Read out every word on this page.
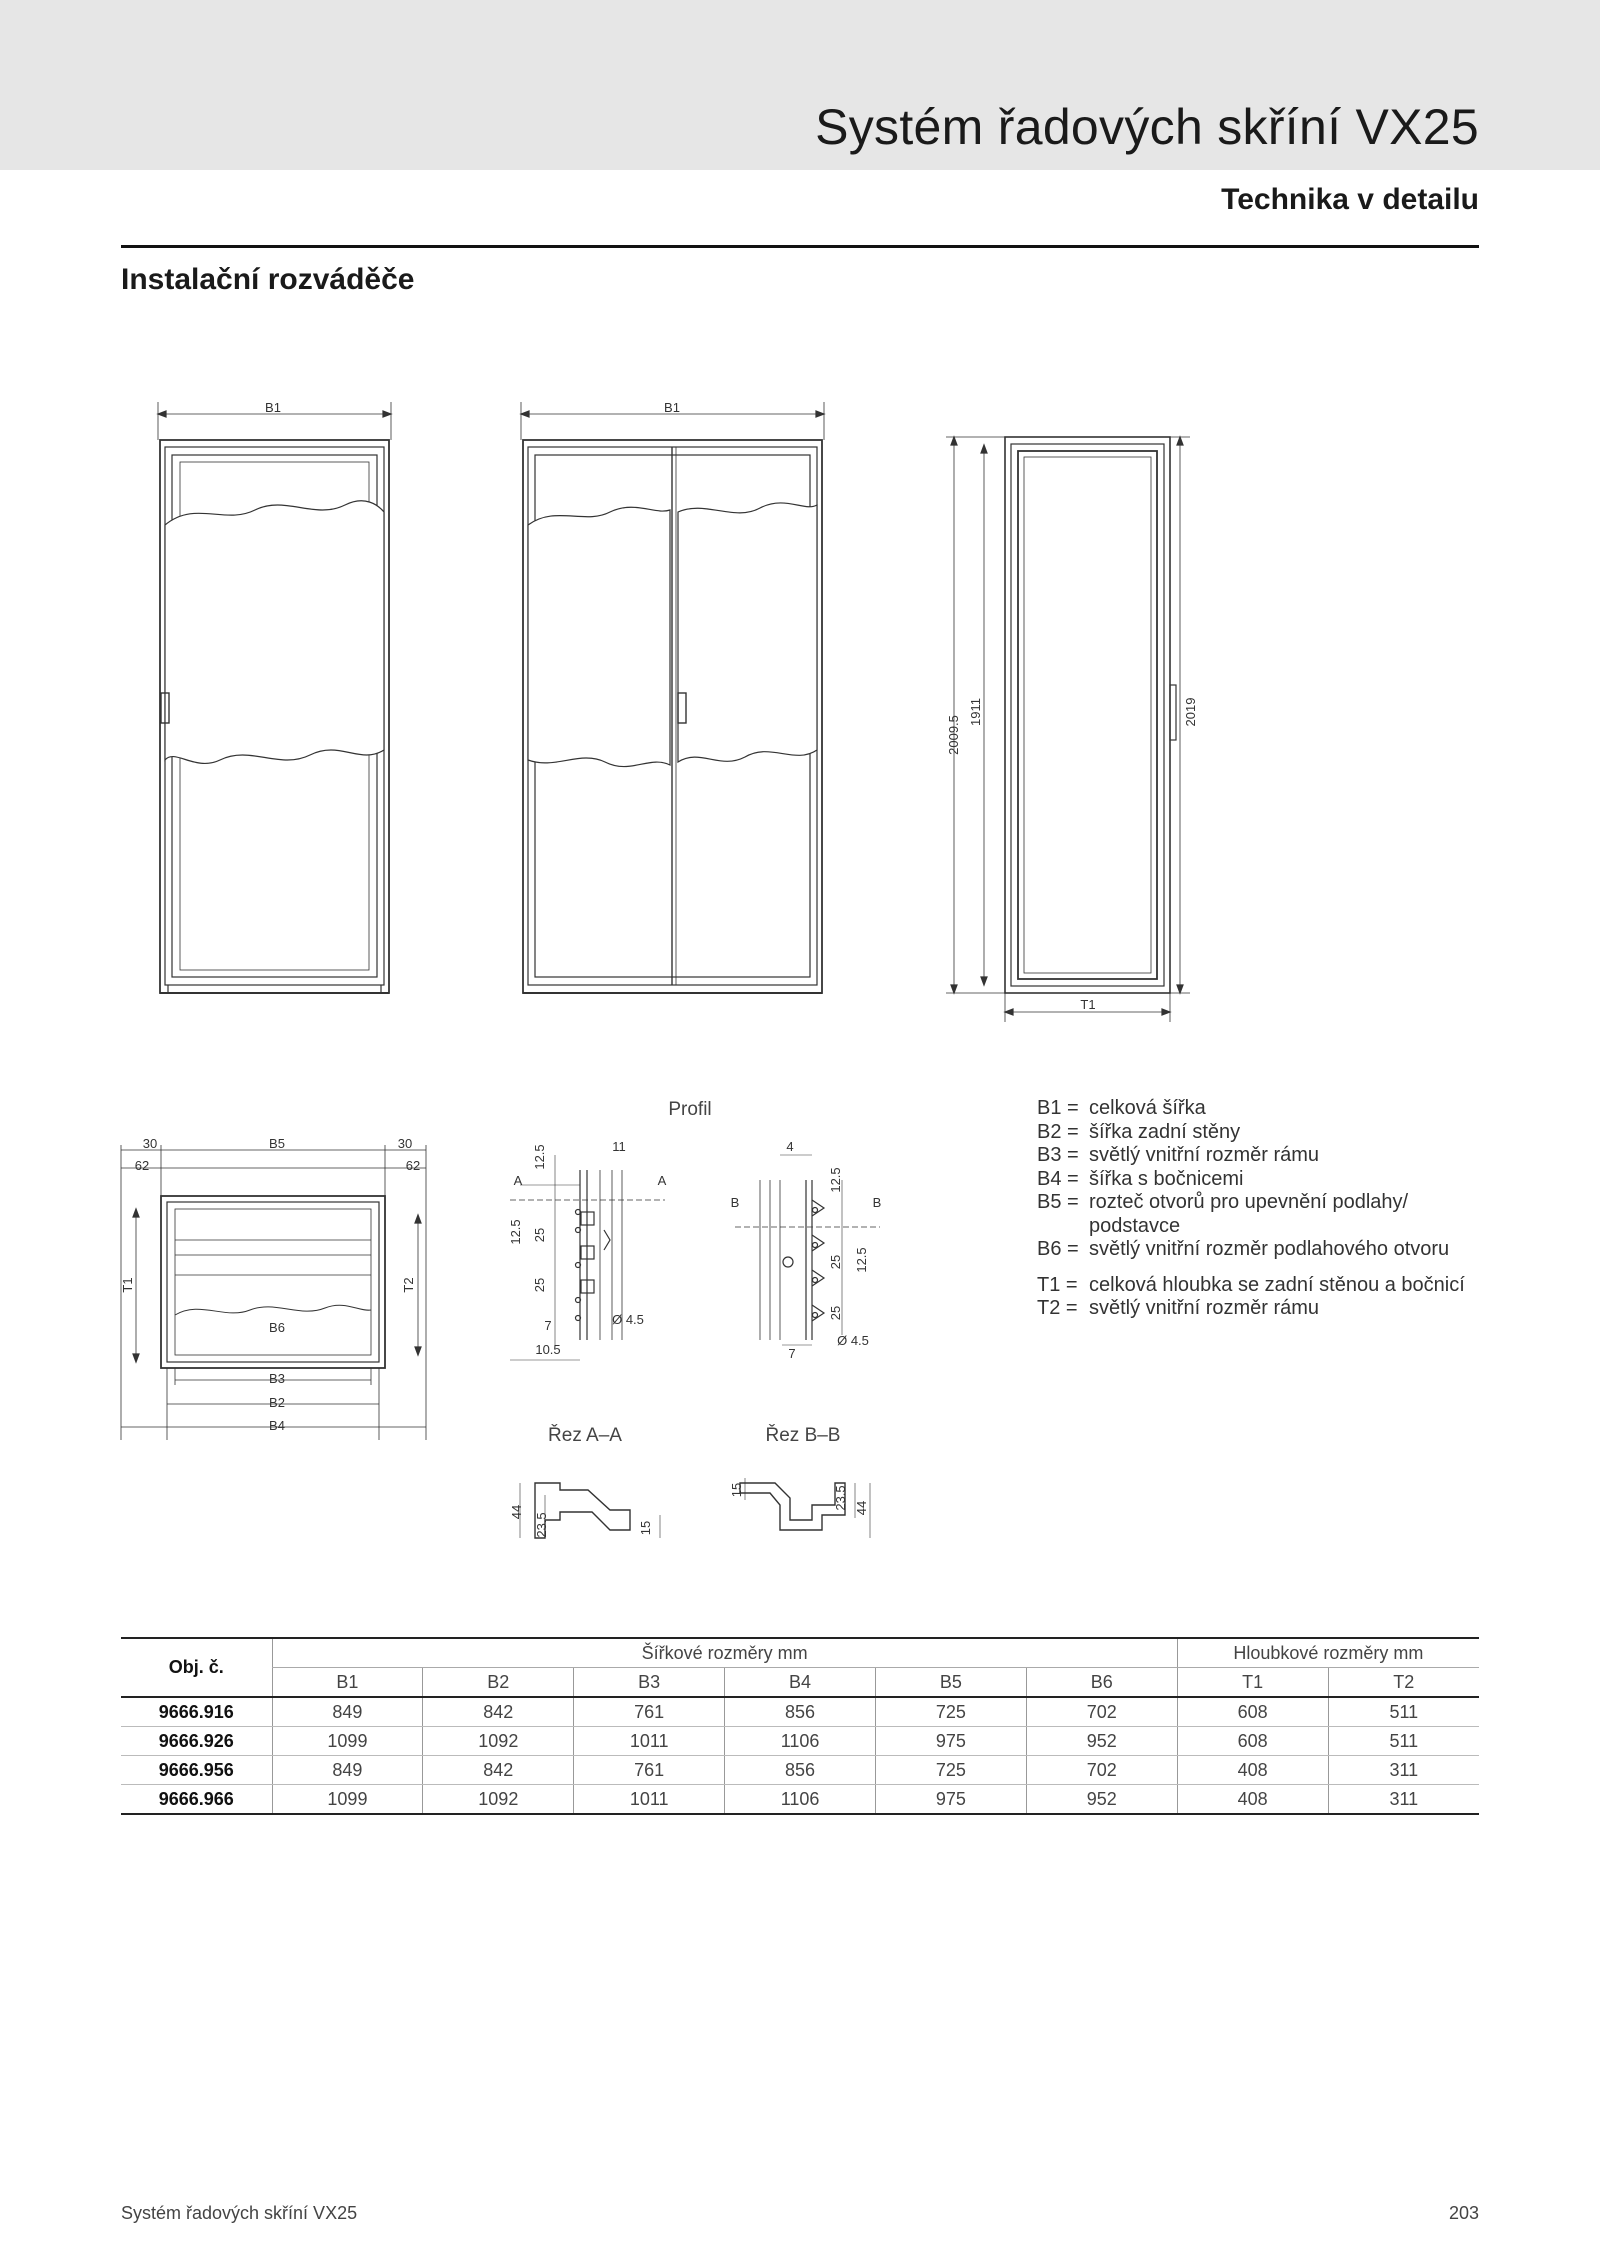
Systém řadových skříní VX25
Technika v detailu
Instalační rozváděče
B1	B1
2009.5
1911	2019
T1
30
62
B5	30
62
T1	T2
B6
B3
B2
B4
Profil
A	A
12.5	11
12.5 25
25
7
10.5
Ø 4.5
B	B
4
12.5
25 12.5
25
7
Ø 4.5
Řez A–A	Řez B–B
44
23.5	15
15	23.5 44
B1 = celková šířka
B2 = šířka zadní stěny
B3 = světlý vnitřní rozměr rámu
B4 = šířka s bočnicemi
B5 = rozteč otvorů pro upevnění podlahy/
podstavce
B6 = světlý vnitřní rozměr podlahového otvoru
T1 = celková hloubka se zadní stěnou a bočnicí
T2 = světlý vnitřní rozměr rámu
Obj. č.	Šířkové rozměry mm						Hloubkové rozměry mm	
	B1	B2	B3	B4	B5	B6	T1	T2
9666.916	849	842	761	856	725	702	608	511
9666.926	1099	1092	1011	1106	975	952	608	511
9666.956	849	842	761	856	725	702	408	311
9666.966	1099	1092	1011	1106	975	952	408	311
Systém řadových skříní VX25	203
